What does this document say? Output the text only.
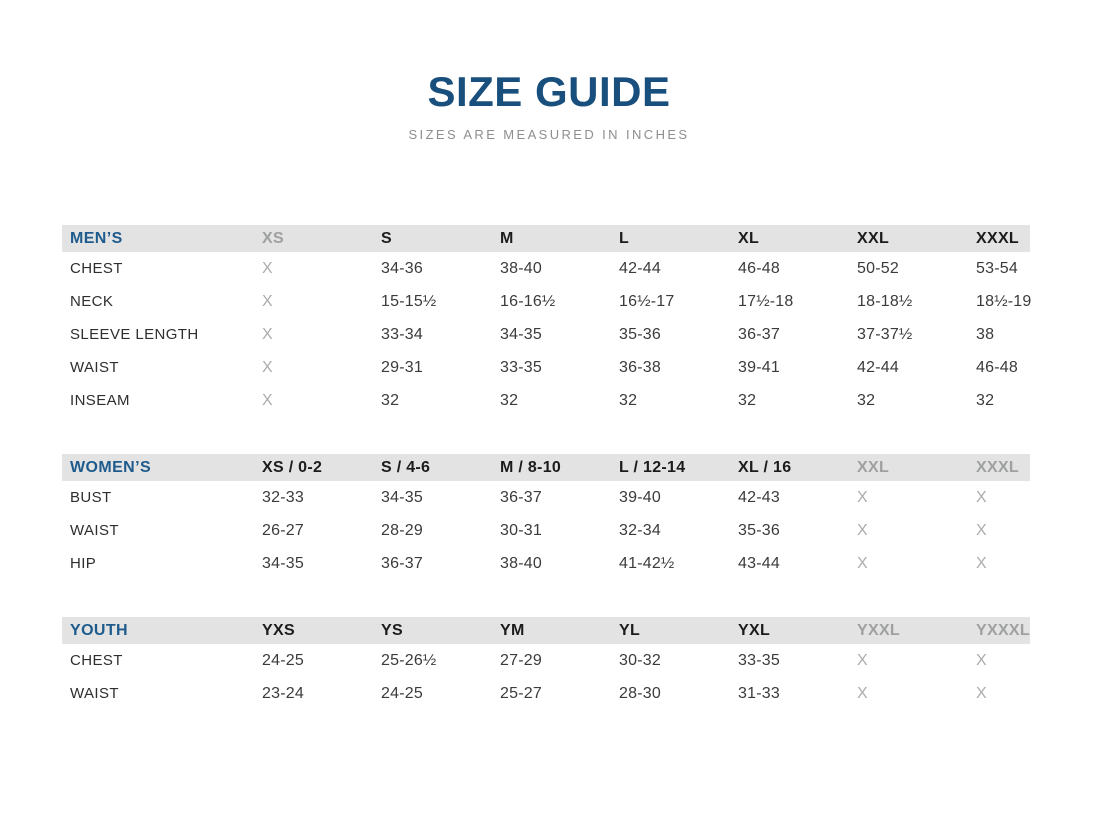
SIZE GUIDE
SIZES ARE MEASURED IN INCHES
MEN’S	XS	S	M	L	XL	XXL	XXXL
CHEST	X	34-36	38-40	42-44	46-48	50-52	53-54
NECK	X	15-15½	16-16½	16½-17	17½-18	18-18½	18½-19
SLEEVE LENGTH	X	33-34	34-35	35-36	36-37	37-37½	38
WAIST	X	29-31	33-35	36-38	39-41	42-44	46-48
INSEAM	X	32	32	32	32	32	32
WOMEN’S	XS / 0-2	S / 4-6	M / 8-10	L / 12-14	XL / 16	XXL	XXXL
BUST	32-33	34-35	36-37	39-40	42-43	X	X
WAIST	26-27	28-29	30-31	32-34	35-36	X	X
HIP	34-35	36-37	38-40	41-42½	43-44	X	X
YOUTH	YXS	YS	YM	YL	YXL	YXXL	YXXXL
CHEST	24-25	25-26½	27-29	30-32	33-35	X	X
WAIST	23-24	24-25	25-27	28-30	31-33	X	X
